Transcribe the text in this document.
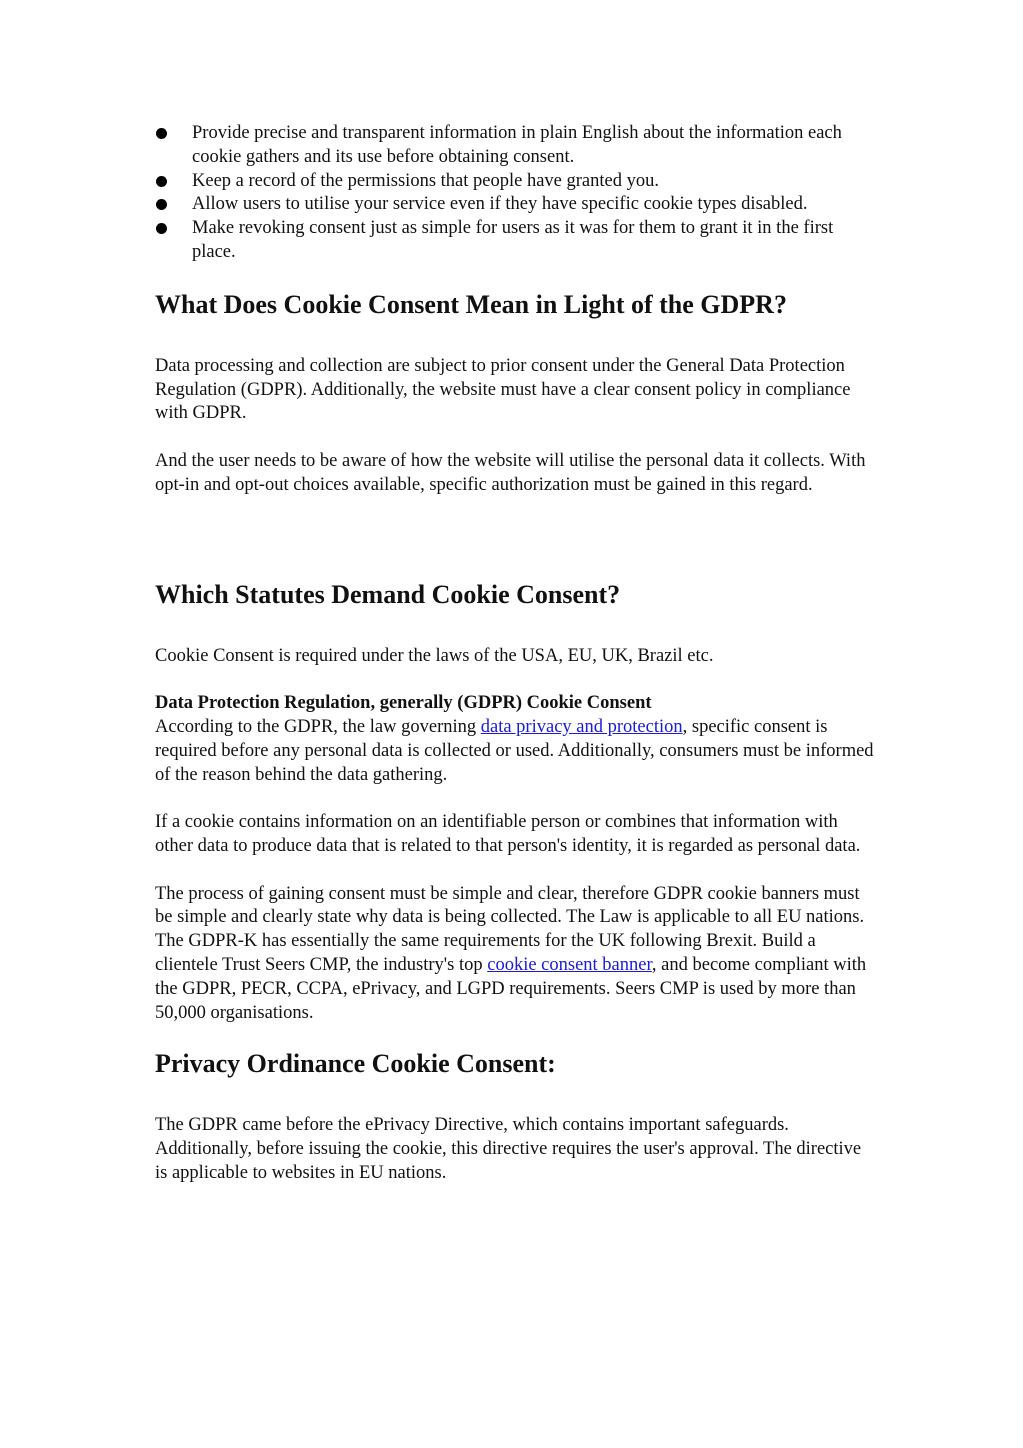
Provide precise and transparent information in plain English about the information each cookie gathers and its use before obtaining consent.
Keep a record of the permissions that people have granted you.
Allow users to utilise your service even if they have specific cookie types disabled.
Make revoking consent just as simple for users as it was for them to grant it in the first place.
What Does Cookie Consent Mean in Light of the GDPR?

Data processing and collection are subject to prior consent under the General Data Protection Regulation (GDPR). Additionally, the website must have a clear consent policy in compliance with GDPR.

And the user needs to be aware of how the website will utilise the personal data it collects. With opt-in and opt-out choices available, specific authorization must be gained in this regard.

Which Statutes Demand Cookie Consent?

Cookie Consent is required under the laws of the USA, EU, UK, Brazil etc.

Data Protection Regulation, generally (GDPR) Cookie Consent

According to the GDPR, the law governing data privacy and protection, specific consent is required before any personal data is collected or used. Additionally, consumers must be informed of the reason behind the data gathering.

If a cookie contains information on an identifiable person or combines that information with other data to produce data that is related to that person's identity, it is regarded as personal data.

The process of gaining consent must be simple and clear, therefore GDPR cookie banners must be simple and clearly state why data is being collected. The Law is applicable to all EU nations. The GDPR-K has essentially the same requirements for the UK following Brexit. Build a clientele Trust Seers CMP, the industry's top cookie consent banner, and become compliant with the GDPR, PECR, CCPA, ePrivacy, and LGPD requirements. Seers CMP is used by more than 50,000 organisations.

Privacy Ordinance Cookie Consent:

The GDPR came before the ePrivacy Directive, which contains important safeguards. Additionally, before issuing the cookie, this directive requires the user's approval. The directive is applicable to websites in EU nations.
